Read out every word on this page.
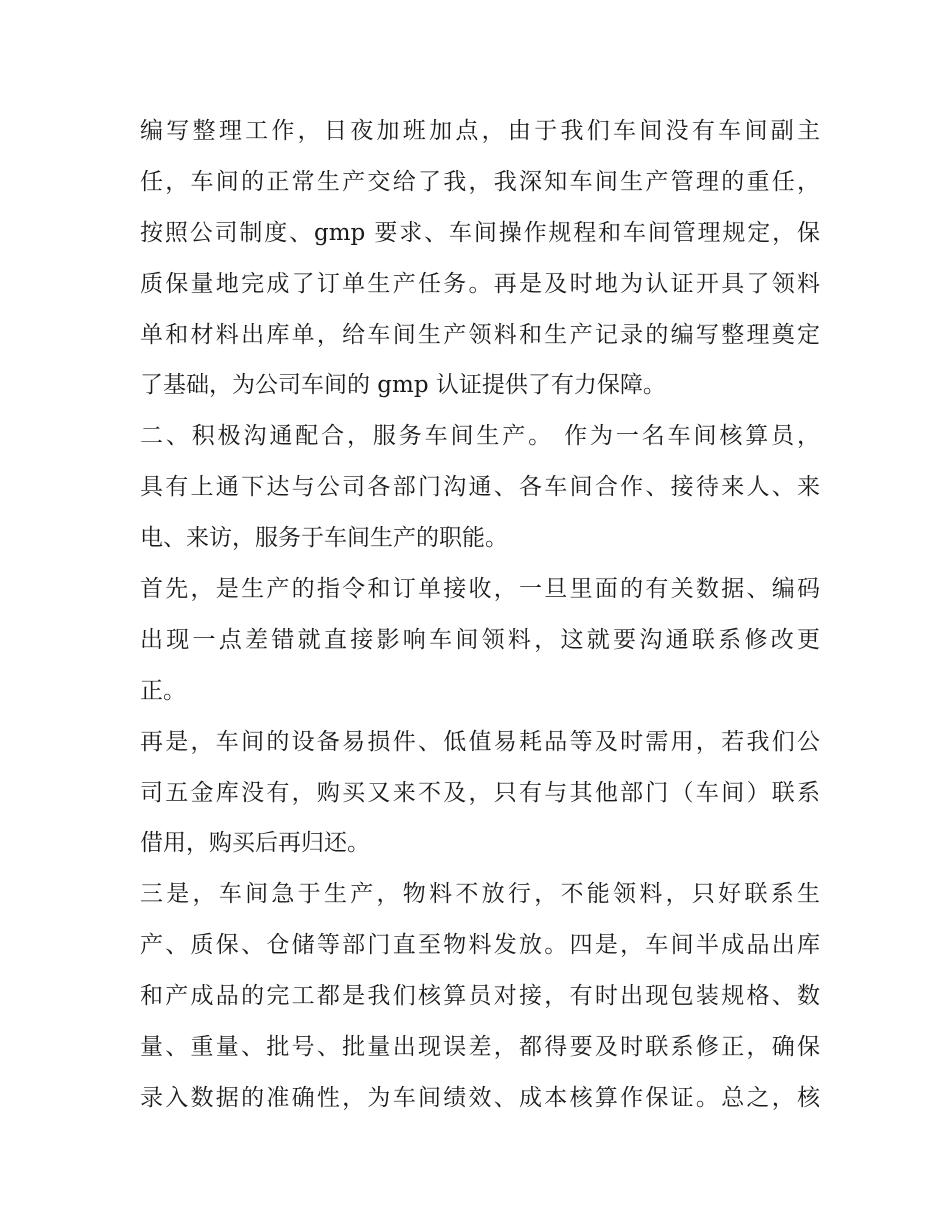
编写整理工作，日夜加班加点，由于我们车间没有车间副主
任，车间的正常生产交给了我，我深知车间生产管理的重任，
按照公司制度、gmp 要求、车间操作规程和车间管理规定，保
质保量地完成了订单生产任务。再是及时地为认证开具了领料
单和材料出库单，给车间生产领料和生产记录的编写整理奠定
了基础，为公司车间的 gmp 认证提供了有力保障。
二、积极沟通配合，服务车间生产。 作为一名车间核算员，
具有上通下达与公司各部门沟通、各车间合作、接待来人、来
电、来访，服务于车间生产的职能。
首先，是生产的指令和订单接收，一旦里面的有关数据、编码
出现一点差错就直接影响车间领料，这就要沟通联系修改更
正。
再是，车间的设备易损件、低值易耗品等及时需用，若我们公
司五金库没有，购买又来不及，只有与其他部门（车间）联系
借用，购买后再归还。
三是，车间急于生产，物料不放行，不能领料，只好联系生
产、质保、仓储等部门直至物料发放。四是，车间半成品出库
和产成品的完工都是我们核算员对接，有时出现包装规格、数
量、重量、批号、批量出现误差，都得要及时联系修正，确保
录入数据的准确性，为车间绩效、成本核算作保证。总之，核
